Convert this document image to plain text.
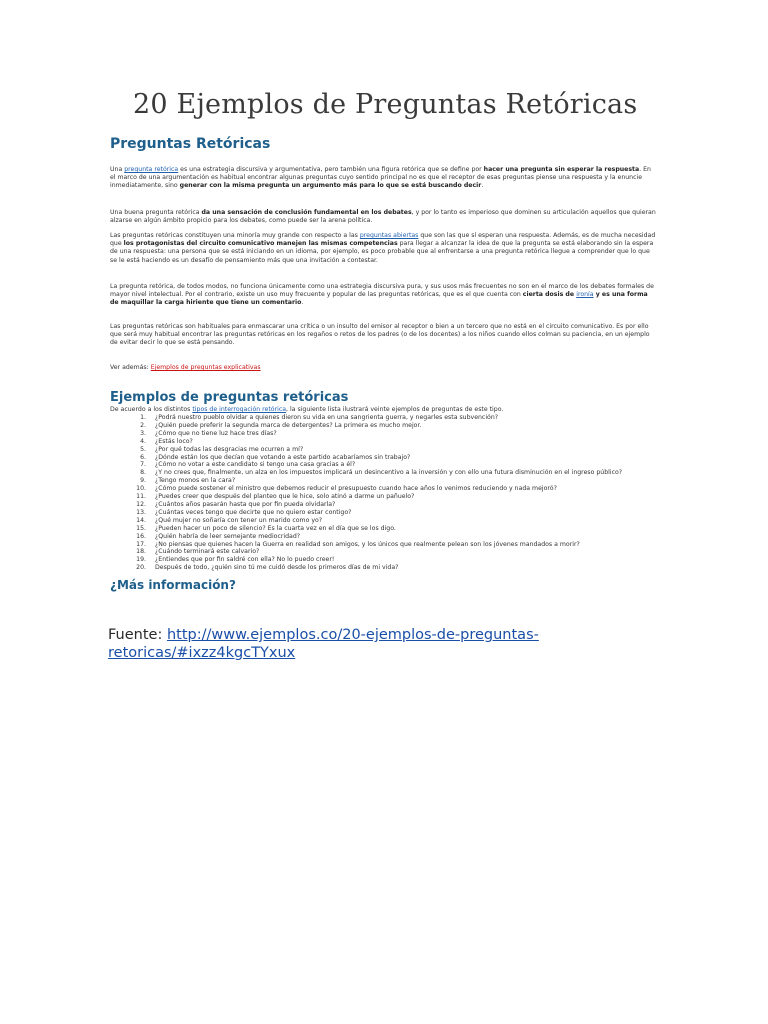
20 Ejemplos de Preguntas Retóricas
Preguntas Retóricas

Una pregunta retórica es una estrategia discursiva y argumentativa, pero también una figura retórica que se define por hacer una pregunta sin esperar la respuesta. En el marco de una argumentación es habitual encontrar algunas preguntas cuyo sentido principal no es que el receptor de esas preguntas piense una respuesta y la enuncie inmediatamente, sino generar con la misma pregunta un argumento más para lo que se está buscando decir.

Una buena pregunta retórica da una sensación de conclusión fundamental en los debates, y por lo tanto es imperioso que dominen su articulación aquellos que quieran alzarse en algún ámbito propicio para los debates, como puede ser la arena política.

Las preguntas retóricas constituyen una minoría muy grande con respecto a las preguntas abiertas que son las que sí esperan una respuesta. Además, es de mucha necesidad que los protagonistas del circuito comunicativo manejen las mismas competencias para llegar a alcanzar la idea de que la pregunta se está elaborando sin la espera de una respuesta: una persona que se está iniciando en un idioma, por ejemplo, es poco probable que al enfrentarse a una pregunta retórica llegue a comprender que lo que se le está haciendo es un desafío de pensamiento más que una invitación a contestar.

La pregunta retórica, de todos modos, no funciona únicamente como una estrategia discursiva pura, y sus usos más frecuentes no son en el marco de los debates formales de mayor nivel intelectual. Por el contrario, existe un uso muy frecuente y popular de las preguntas retóricas, que es el que cuenta con cierta dosis de ironía y es una forma de maquillar la carga hiriente que tiene un comentario.

Las preguntas retóricas son habituales para enmascarar una crítica o un insulto del emisor al receptor o bien a un tercero que no está en el circuito comunicativo. Es por ello que será muy habitual encontrar las preguntas retóricas en los regaños o retos de los padres (o de los docentes) a los niños cuando ellos colman su paciencia, en un ejemplo de evitar decir lo que se está pensando.

Ver además: Ejemplos de preguntas explicativas

Ejemplos de preguntas retóricas

De acuerdo a los distintos tipos de interrogación retórica, la siguiente lista ilustrará veinte ejemplos de preguntas de este tipo.

1.	¿Podrá nuestro pueblo olvidar a quienes dieron su vida en una sangrienta guerra, y negarles esta subvención?
2.	¿Quién puede preferir la segunda marca de detergentes? La primera es mucho mejor.
3.	¿Cómo que no tiene luz hace tres días?
4.	¿Estás loco?
5.	¿Por qué todas las desgracias me ocurren a mí?
6.	¿Dónde están los que decían que votando a este partido acabaríamos sin trabajo?
7.	¿Cómo no votar a este candidato si tengo una casa gracias a él?
8.	¿Y no crees que, finalmente, un alza en los impuestos implicará un desincentivo a la inversión y con ello una futura disminución en el ingreso público?
9.	¿Tengo monos en la cara?
10.	¿Cómo puede sostener el ministro que debemos reducir el presupuesto cuando hace años lo venimos reduciendo y nada mejoró?
11.	¿Puedes creer que después del planteo que le hice, solo atinó a darme un pañuelo?
12.	¿Cuántos años pasarán hasta que por fin pueda olvidarla?
13.	¿Cuántas veces tengo que decirte que no quiero estar contigo?
14.	¿Qué mujer no soñaría con tener un marido como yo?
15.	¿Pueden hacer un poco de silencio? Es la cuarta vez en el día que se los digo.
16.	¿Quién habría de leer semejante mediocridad?
17.	¿No piensas que quienes hacen la Guerra en realidad son amigos, y los únicos que realmente pelean son los jóvenes mandados a morir?
18.	¿Cuándo terminará este calvario?
19.	¿Entiendes que por fin saldré con ella? No lo puedo creer!
20.	Después de todo, ¿quién sino tú me cuidó desde los primeros días de mi vida?
¿Más información?

Fuente: http://www.ejemplos.co/20-ejemplos-de-preguntas-retoricas/#ixzz4kgcTYxux
